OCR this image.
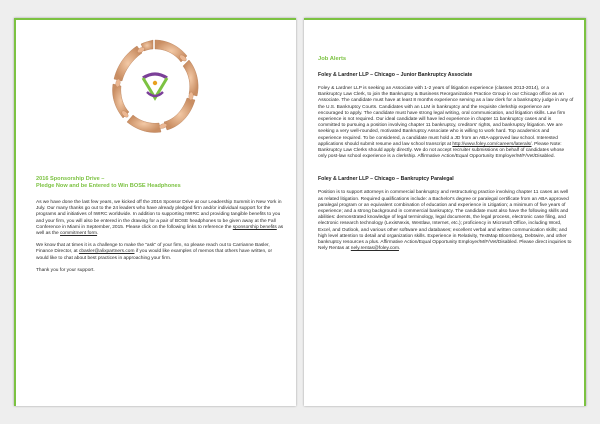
2016 Sponsorship Drive –
Pledge Now and be Entered to Win BOSE Headphones

As we have done the last few years, we kicked off the 2016 Sponsor Drive at our Leadership Summit in New York in July. Our many thanks go out to the 24 leaders who have already pledged firm and/or individual support for the programs and initiatives of IWIRC worldwide. In addition to supporting IWIRC and providing tangible benefits to you and your firm, you will also be entered in the drawing for a pair of BOSE headphones to be given away at the Fall Conference in Miami in September, 2015. Please click on the following links to reference the sponsorship benefits as well as the commitment form.

We know that at times it is a challenge to make the "ask" of your firm, so please reach out to Carrianne Basler, Finance Director, at cbasler@alixpartners.com if you would like examples of memos that others have written, or would like to chat about best practices in approaching your firm.

Thank you for your support.

Job Alerts
Foley & Lardner LLP – Chicago – Junior Bankruptcy Associate

Foley & Lardner LLP is seeking an Associate with 1-2 years of litigation experience (classes 2013-2014), or a Bankruptcy Law Clerk, to join the Bankruptcy & Business Reorganization Practice Group in our Chicago office as an Associate. The candidate must have at least 8 months experience serving as a law clerk for a bankruptcy judge in any of the U.S. Bankruptcy Courts. Candidates with an LLM in bankruptcy and the requisite clerkship experience are encouraged to apply. The candidate must have strong legal writing, oral communication, and litigation skills. Law firm experience is not required. Our ideal candidate will have led experience in chapter 11 bankruptcy cases and is committed to pursuing a position involving chapter 11 bankruptcy, creditors' rights, and bankruptcy litigation. We are seeking a very well-rounded, motivated Bankruptcy Associate who is willing to work hard. Top academics and experience required. To be considered, a candidate must hold a JD from an ABA-approved law school. Interested applications should submit resume and law school transcript at http://www.foley.com/careers/laterals/. Please Note: Bankruptcy Law Clerks should apply directly. We do not accept recruiter submissions on behalf of candidates whose only post-law school experience is a clerkship. Affirmative Action/Equal Opportunity Employer/M/F/Vet/Disabled.

Foley & Lardner LLP – Chicago – Bankruptcy Paralegal

Position is to support attorneys in commercial bankruptcy and restructuring practice involving chapter 11 cases as well as related litigation. Required qualifications include: a Bachelor's degree or paralegal certificate from an ABA approved paralegal program or an equivalent combination of education and experience in Litigation; a minimum of five years of experience; and a strong background in commercial bankruptcy. The candidate must also have the following skills and abilities: demonstrated knowledge of legal terminology, legal documents, the legal process, electronic case filing, and electronic research technology (LexisNexis, Westlaw, Internet, etc.); proficiency in Microsoft Office, including Word, Excel, and Outlook, and various other software and databases; excellent verbal and written communication skills; and high level attention to detail and organization skills. Experience in Relativity, TextMap Bloomberg, Debtwire, and other bankruptcy resources a plus. Affirmative Action/Equal Opportunity Employer/M/F/Vet/Disabled. Please direct inquiries to Nely Rentas at nely.rentas@foley.com.
